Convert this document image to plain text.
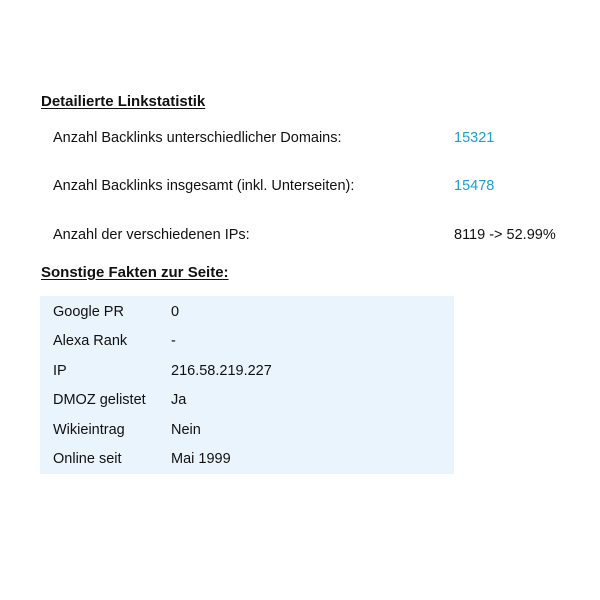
Detailierte Linkstatistik
Anzahl Backlinks unterschiedlicher Domains:	15321
Anzahl Backlinks insgesamt (inkl. Unterseiten):	15478
Anzahl der verschiedenen IPs:	8119 -> 52.99%
Sonstige Fakten zur Seite:
Google PR	0
Alexa Rank	-
IP	216.58.219.227
DMOZ gelistet Ja
Wikieintrag	Nein
Online seit	Mai 1999
